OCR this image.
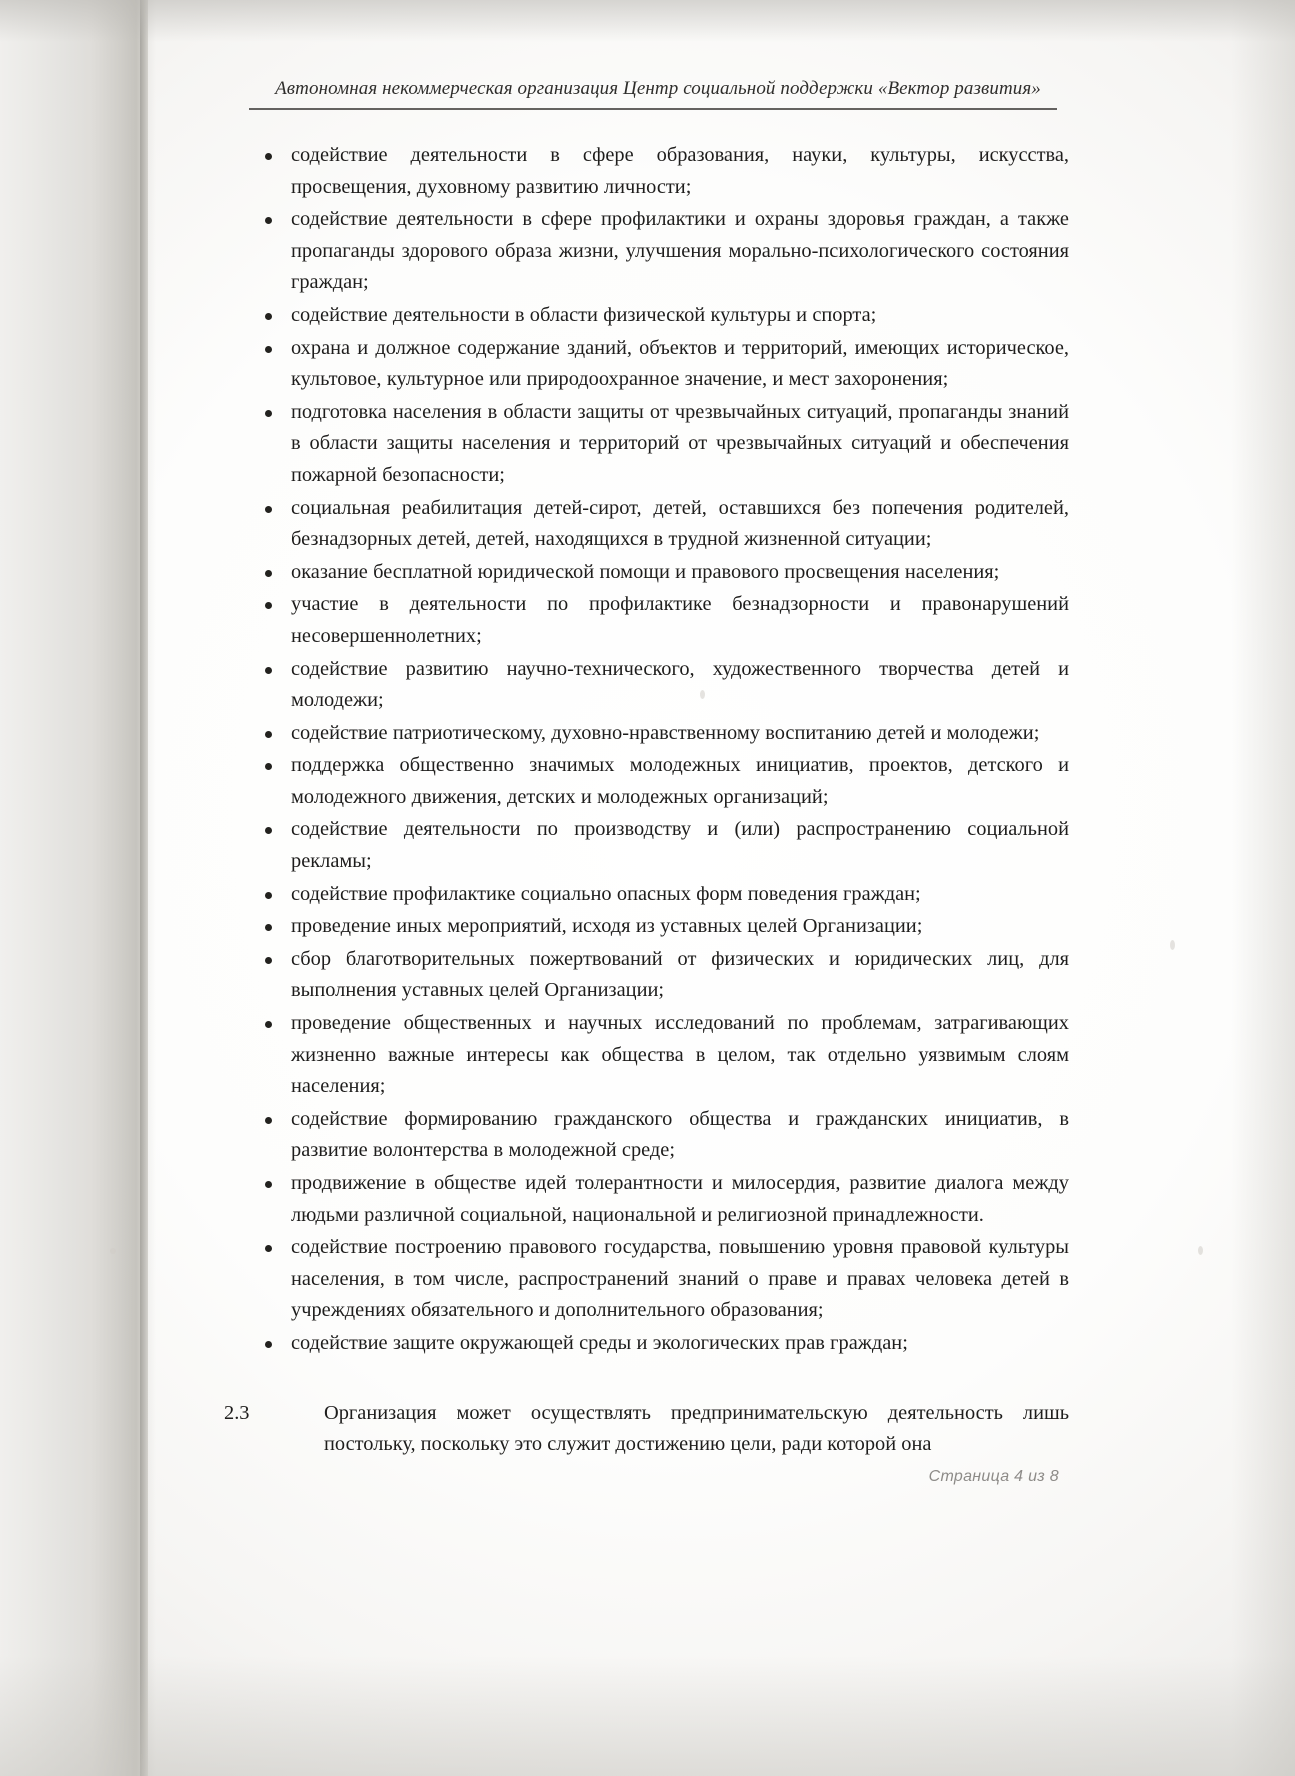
Автономная некоммерческая организация Центр социальной поддержки «Вектор развития»
содействие деятельности в сфере образования, науки, культуры, искусства, просвещения, духовному развитию личности;
содействие деятельности в сфере профилактики и охраны здоровья граждан, а также пропаганды здорового образа жизни, улучшения морально-психологического состояния граждан;
содействие деятельности в области физической культуры и спорта;
охрана и должное содержание зданий, объектов и территорий, имеющих историческое, культовое, культурное или природоохранное значение, и мест захоронения;
подготовка населения в области защиты от чрезвычайных ситуаций, пропаганды знаний в области защиты населения и территорий от чрезвычайных ситуаций и обеспечения пожарной безопасности;
социальная реабилитация детей-сирот, детей, оставшихся без попечения родителей, безнадзорных детей, детей, находящихся в трудной жизненной ситуации;
оказание бесплатной юридической помощи и правового просвещения населения;
участие в деятельности по профилактике безнадзорности и правонарушений несовершеннолетних;
содействие развитию научно-технического, художественного творчества детей и молодежи;
содействие патриотическому, духовно-нравственному воспитанию детей и молодежи;
поддержка общественно значимых молодежных инициатив, проектов, детского и молодежного движения, детских и молодежных организаций;
содействие деятельности по производству и (или) распространению социальной рекламы;
содействие профилактике социально опасных форм поведения граждан;
проведение иных мероприятий, исходя из уставных целей Организации;
сбор благотворительных пожертвований от физических и юридических лиц, для выполнения уставных целей Организации;
проведение общественных и научных исследований по проблемам, затрагивающих жизненно важные интересы как общества в целом, так отдельно уязвимым слоям населения;
содействие формированию гражданского общества и гражданских инициатив, в развитие волонтерства в молодежной среде;
продвижение в обществе идей толерантности и милосердия, развитие диалога между людьми различной социальной, национальной и религиозной принадлежности.
содействие построению правового государства, повышению уровня правовой культуры населения, в том числе, распространений знаний о праве и правах человека детей в учреждениях обязательного и дополнительного образования;
содействие защите окружающей среды и экологических прав граждан;
2.3	Организация может осуществлять предпринимательскую деятельность лишь постольку, поскольку это служит достижению цели, ради которой она
Страница 4 из 8
